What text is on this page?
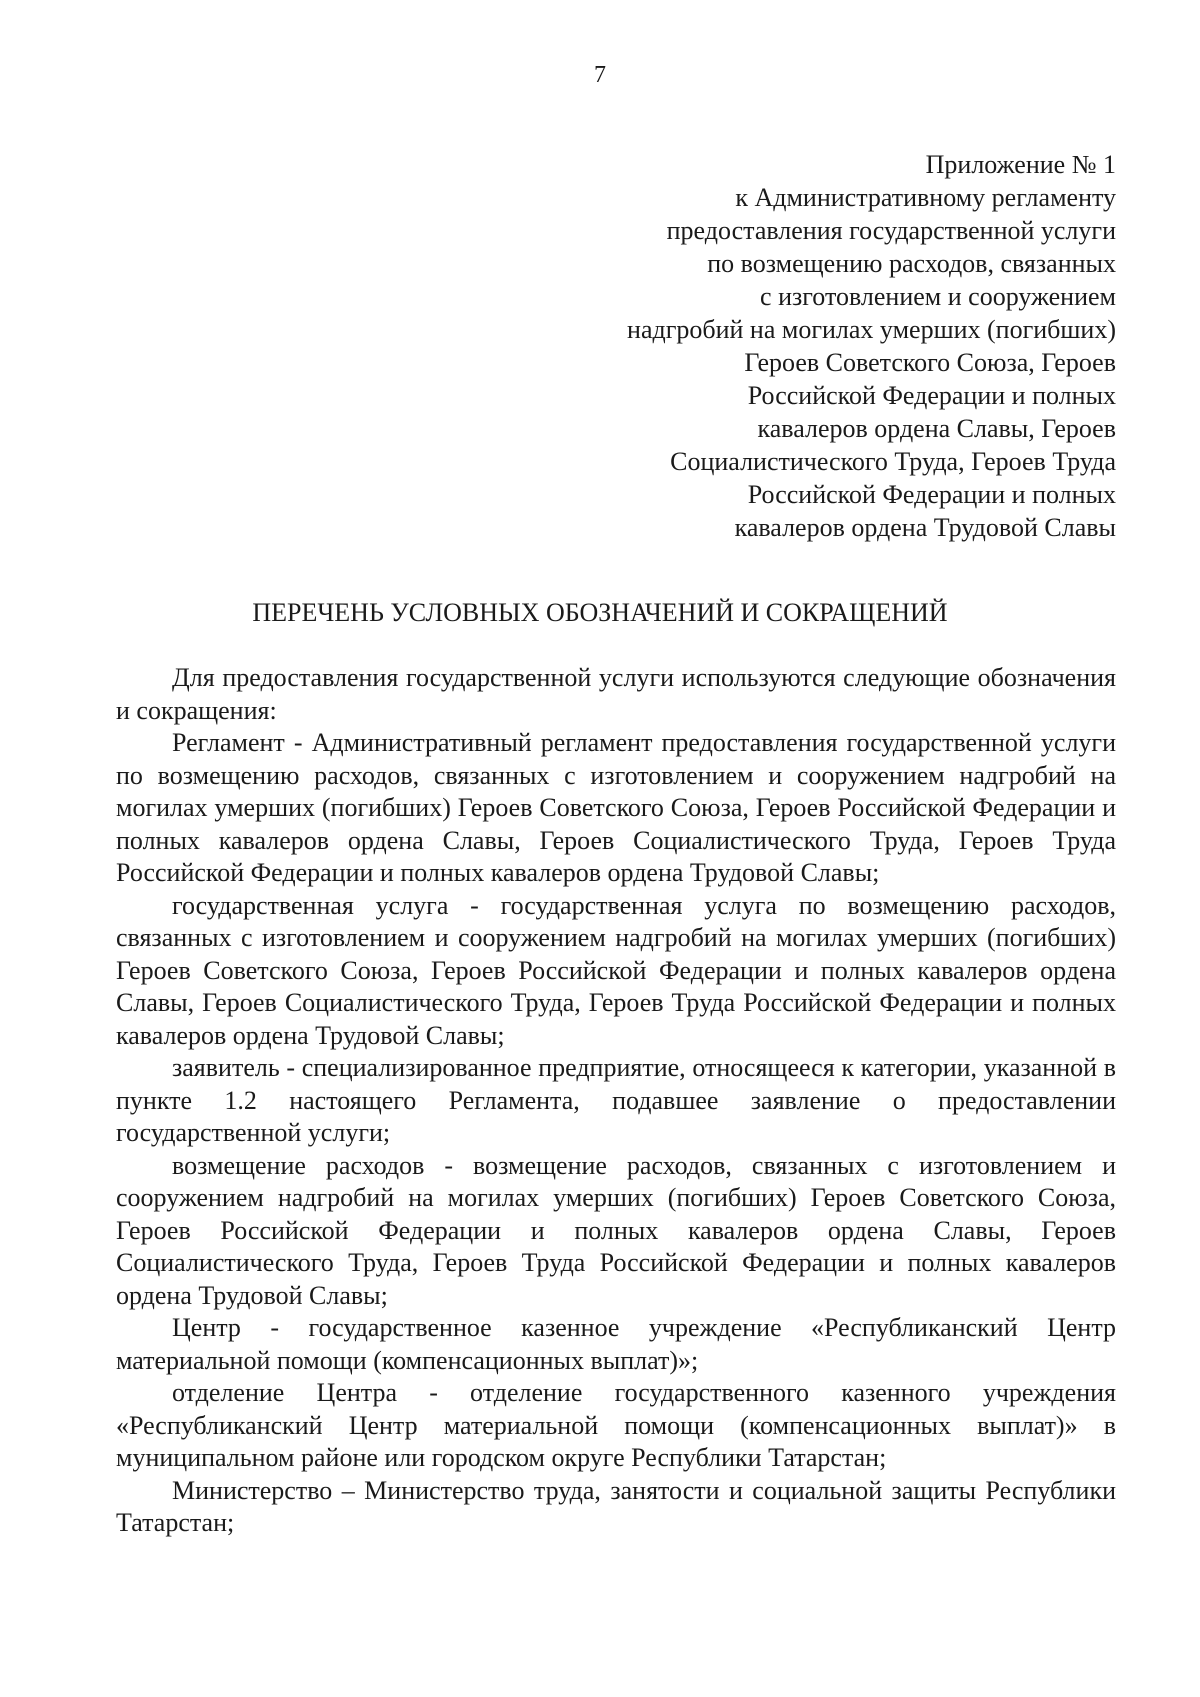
7
Приложение № 1
к Административному регламенту
предоставления государственной услуги
по возмещению расходов, связанных
с изготовлением и сооружением
надгробий на могилах умерших (погибших)
Героев Советского Союза, Героев
Российской Федерации и полных
кавалеров ордена Славы, Героев
Социалистического Труда, Героев Труда
Российской Федерации и полных
кавалеров ордена Трудовой Славы
ПЕРЕЧЕНЬ УСЛОВНЫХ ОБОЗНАЧЕНИЙ И СОКРАЩЕНИЙ

Для предоставления государственной услуги используются следующие обозначения и сокращения:

Регламент - Административный регламент предоставления государственной услуги по возмещению расходов, связанных с изготовлением и сооружением надгробий на могилах умерших (погибших) Героев Советского Союза, Героев Российской Федерации и полных кавалеров ордена Славы, Героев Социалистического Труда, Героев Труда Российской Федерации и полных кавалеров ордена Трудовой Славы;

государственная услуга - государственная услуга по возмещению расходов, связанных с изготовлением и сооружением надгробий на могилах умерших (погибших) Героев Советского Союза, Героев Российской Федерации и полных кавалеров ордена Славы, Героев Социалистического Труда, Героев Труда Российской Федерации и полных кавалеров ордена Трудовой Славы;

заявитель - специализированное предприятие, относящееся к категории, указанной в пункте 1.2 настоящего Регламента, подавшее заявление о предоставлении государственной услуги;

возмещение расходов - возмещение расходов, связанных с изготовлением и сооружением надгробий на могилах умерших (погибших) Героев Советского Союза, Героев Российской Федерации и полных кавалеров ордена Славы, Героев Социалистического Труда, Героев Труда Российской Федерации и полных кавалеров ордена Трудовой Славы;

Центр - государственное казенное учреждение «Республиканский Центр материальной помощи (компенсационных выплат)»;

отделение Центра - отделение государственного казенного учреждения «Республиканский Центр материальной помощи (компенсационных выплат)» в муниципальном районе или городском округе Республики Татарстан;

Министерство – Министерство труда, занятости и социальной защиты Республики Татарстан;
